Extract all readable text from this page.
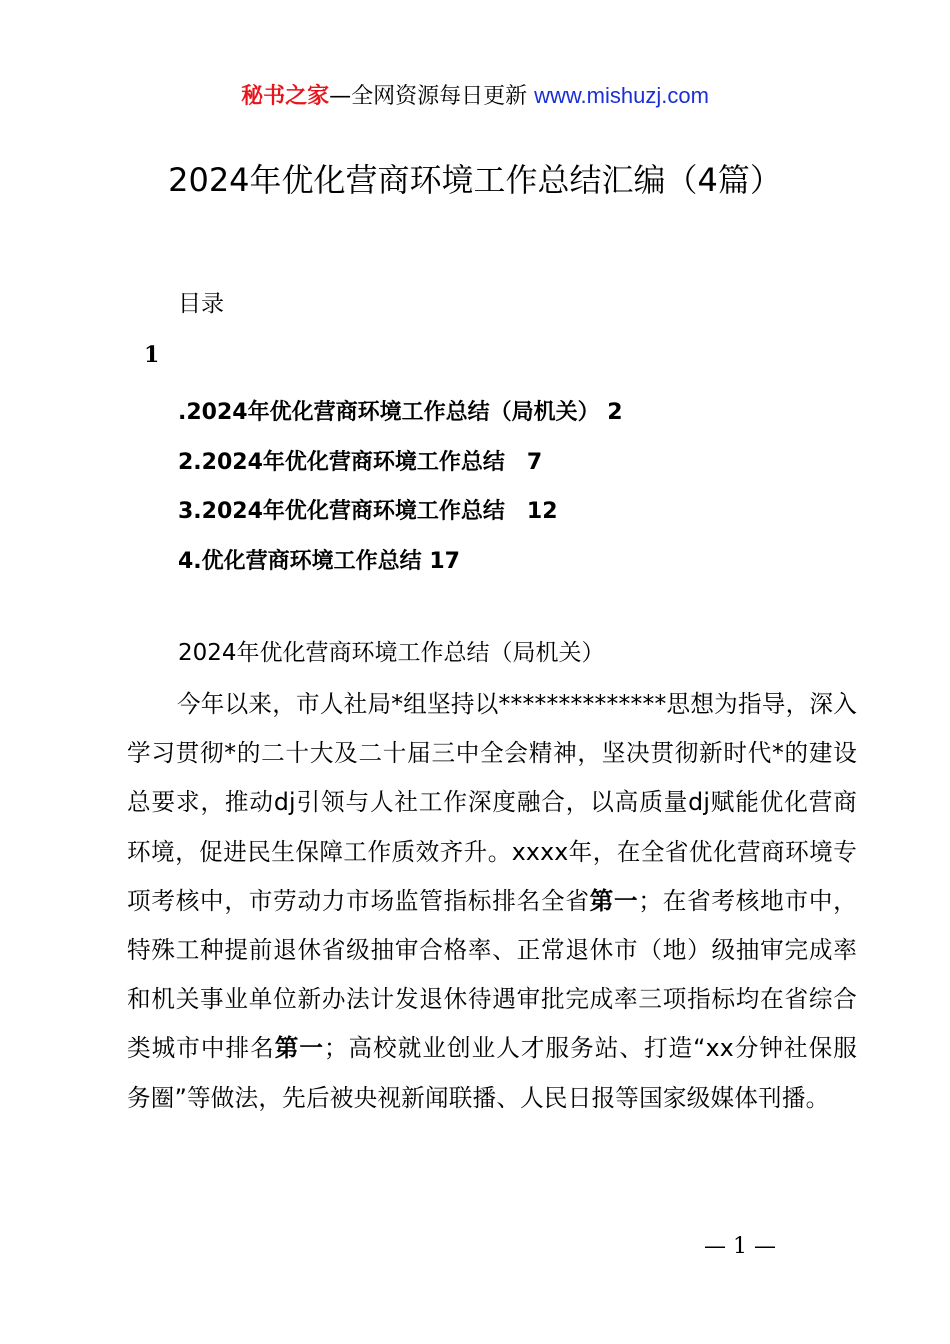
秘书之家—全网资源每日更新 www.mishuzj.com
2024年优化营商环境工作总结汇编（4篇）
目录
1
.2024年优化营商环境工作总结（局机关） 2
2.2024年优化营商环境工作总结　7
3.2024年优化营商环境工作总结　12
4.优化营商环境工作总结 17
2024年优化营商环境工作总结（局机关）

今年以来，市人社局*组坚持以**************思想为指导，深入学习贯彻*的二十大及二十届三中全会精神，坚决贯彻新时代*的建设总要求，推动dj引领与人社工作深度融合，以高质量dj赋能优化营商环境，促进民生保障工作质效齐升。xxxx年，在全省优化营商环境专项考核中，市劳动力市场监管指标排名全省第一；在省考核地市中，特殊工种提前退休省级抽审合格率、正常退休市（地）级抽审完成率和机关事业单位新办法计发退休待遇审批完成率三项指标均在省综合类城市中排名第一；高校就业创业人才服务站、打造“xx分钟社保服务圈”等做法，先后被央视新闻联播、人民日报等国家级媒体刊播。

— 1 —
